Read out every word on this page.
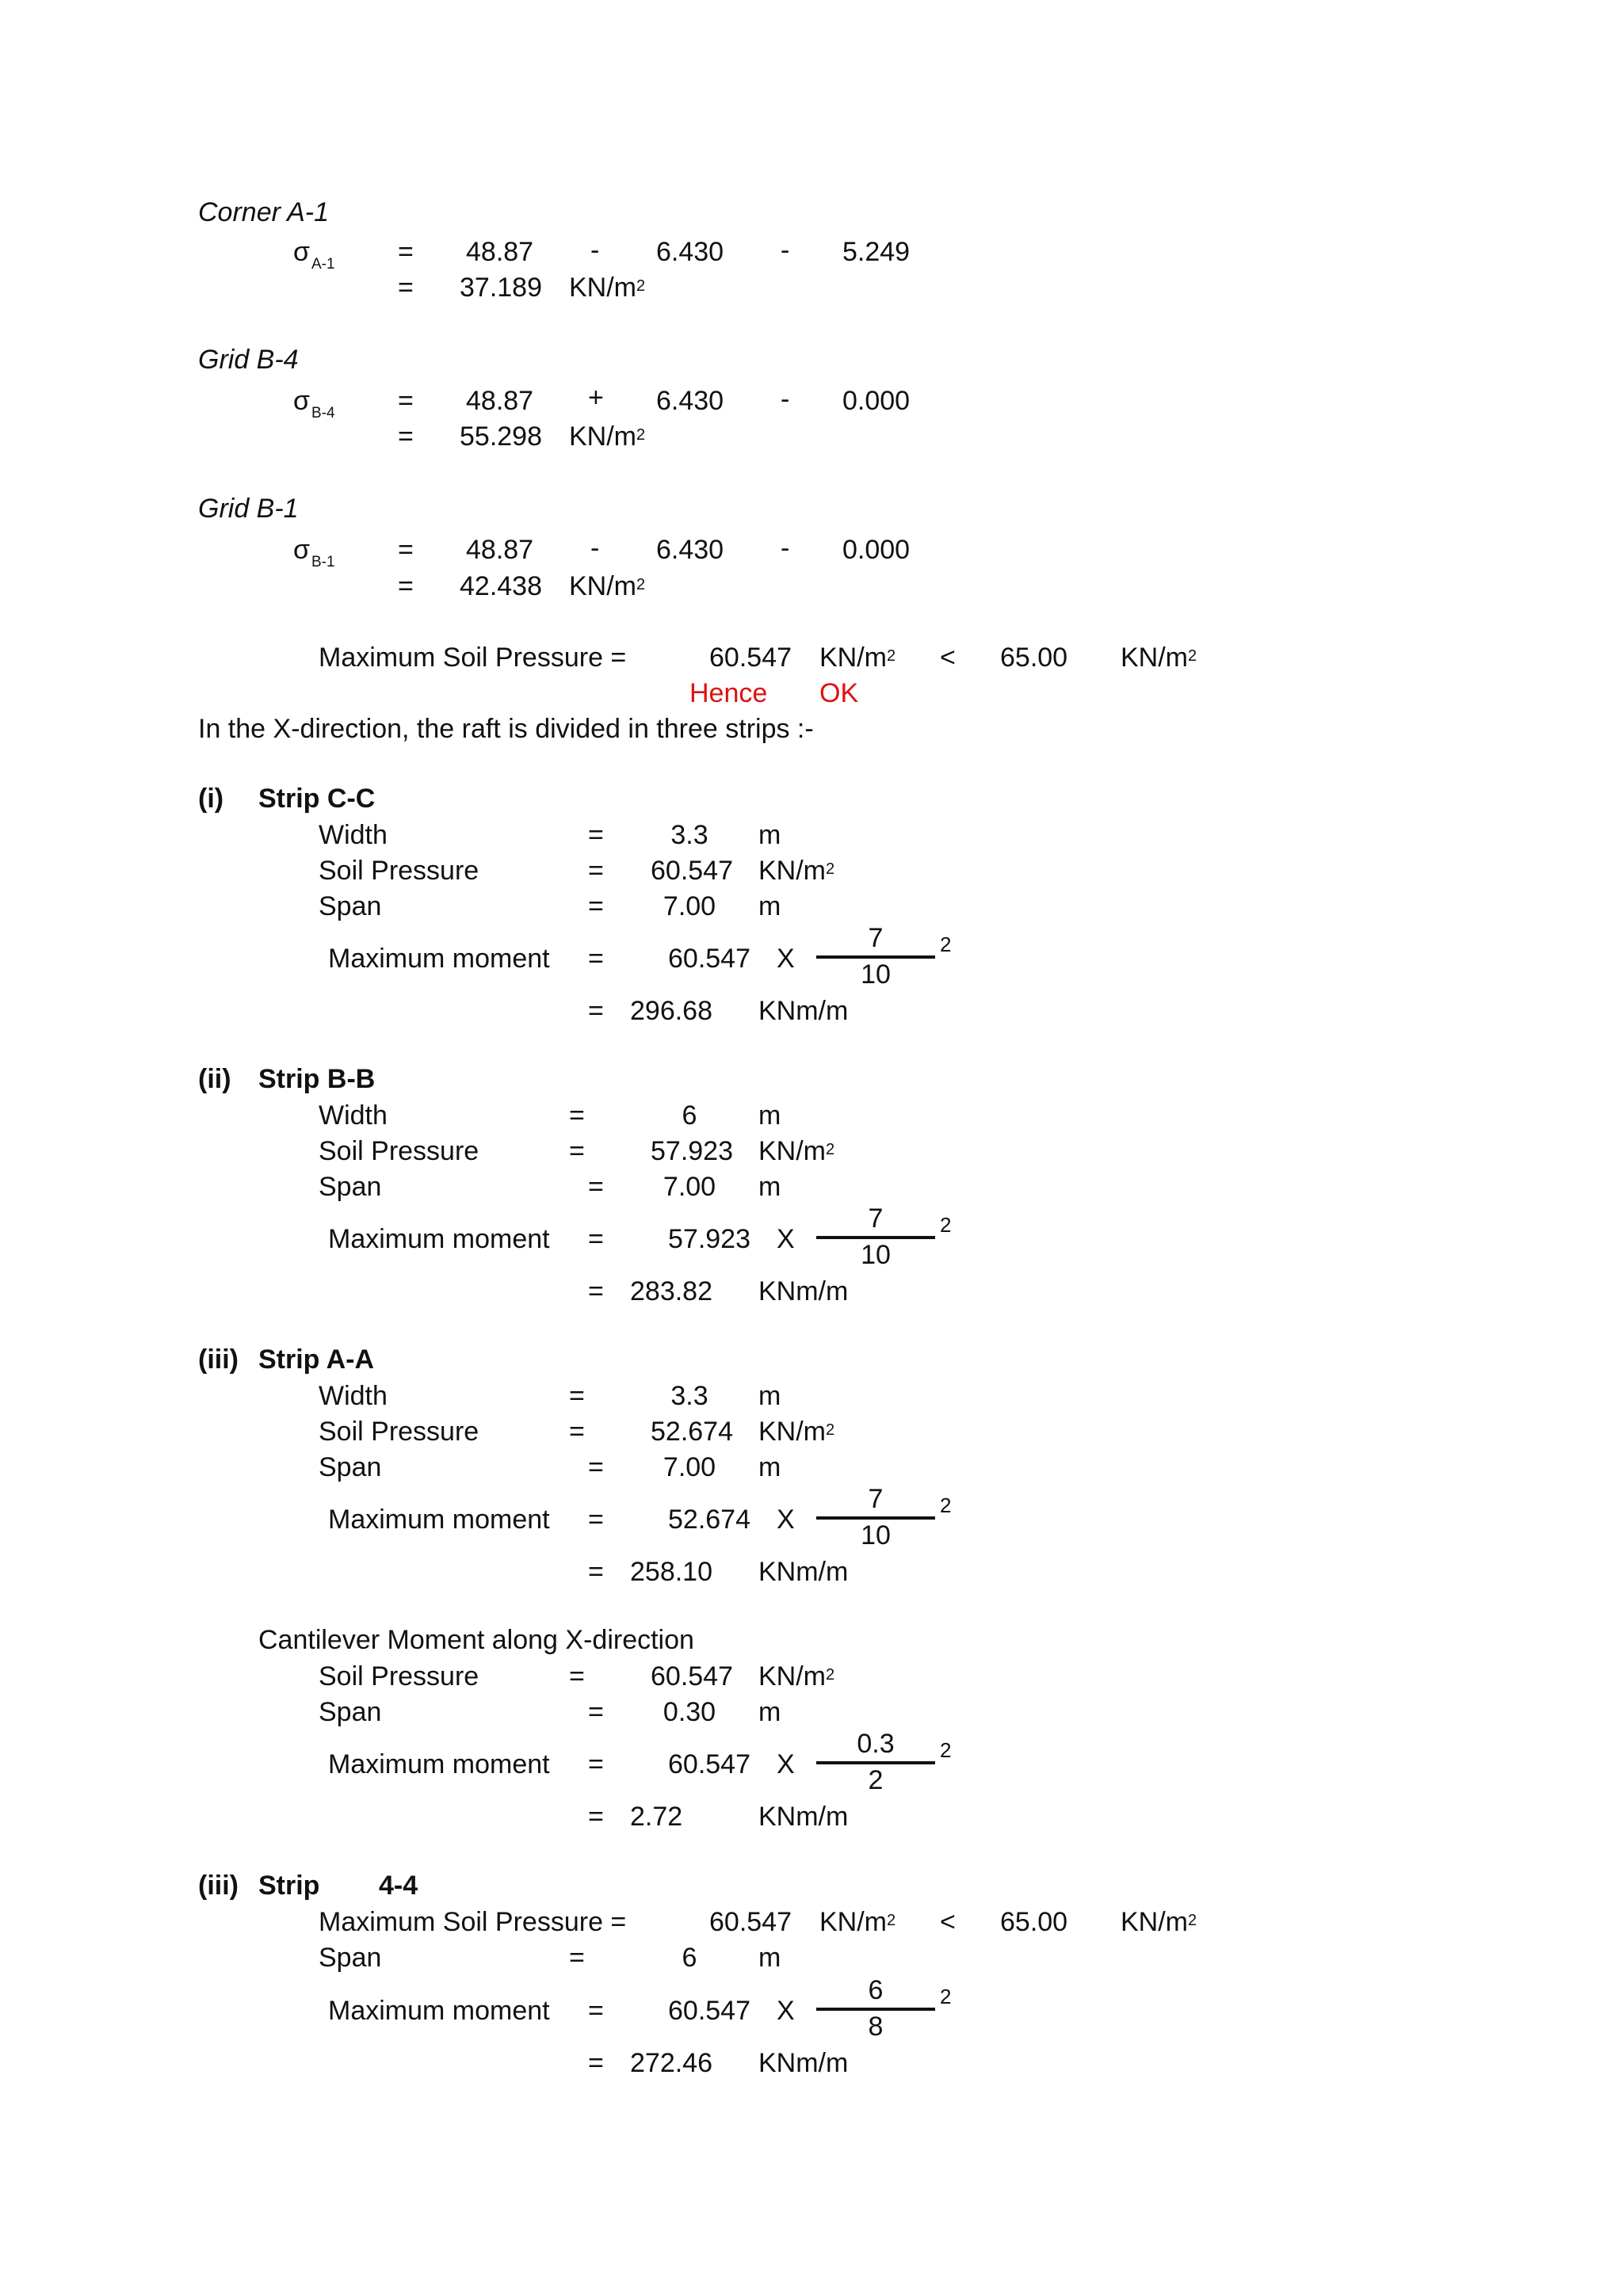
Corner A-1
σ $_{A-1}$ = 48.87 - 6.430 - 5.249
= 37.189 $KN/m^2$
Grid B-4
σ $_{B-4}$ = 48.87 + 6.430 - 0.000
= 55.298 $KN/m^2$
Grid B-1
σ $_{B-1}$ = 48.87 - 6.430 - 0.000
= 42.438 $KN/m^2$
Maximum Soil Pressure =	60.547 $KN/m^2 < 65.00$ $KN/m^2$
Hence OK
In the X-direction, the raft is divided in three strips :-
(i) Strip C-C
Width	=	3.3	m
Soil Pressure	=	60.547 $KN/m^2$
Span	=	7.00	m
Maximum moment = 60.547 X
7
10
2
= 296.68 KNm/m
(ii) Strip B-B
Width	=	6	m
Soil Pressure	=	57.923 $KN/m^2$
Span	=	7.00	m
Maximum moment = 57.923 X
7
10
2
= 283.82 KNm/m
(iii) Strip A-A
Width	=	3.3	m
Soil Pressure	=	52.674 $KN/m^2$
Span	=	7.00	m
Maximum moment = 52.674 X
7
10
2
= 258.10 KNm/m
Cantilever Moment along X-direction
Soil Pressure	=	60.547 $KN/m^2$
Span	=	0.30	m
Maximum moment = 60.547 X
0.3
2
2
= 2.72	KNm/m
(iii) Strip 4-4
Maximum Soil Pressure =	60.547 $KN/m^2 < 65.00$ $KN/m^2$
Span	=	6	m
Maximum moment = 60.547 X
6
8
2
= 272.46 KNm/m
